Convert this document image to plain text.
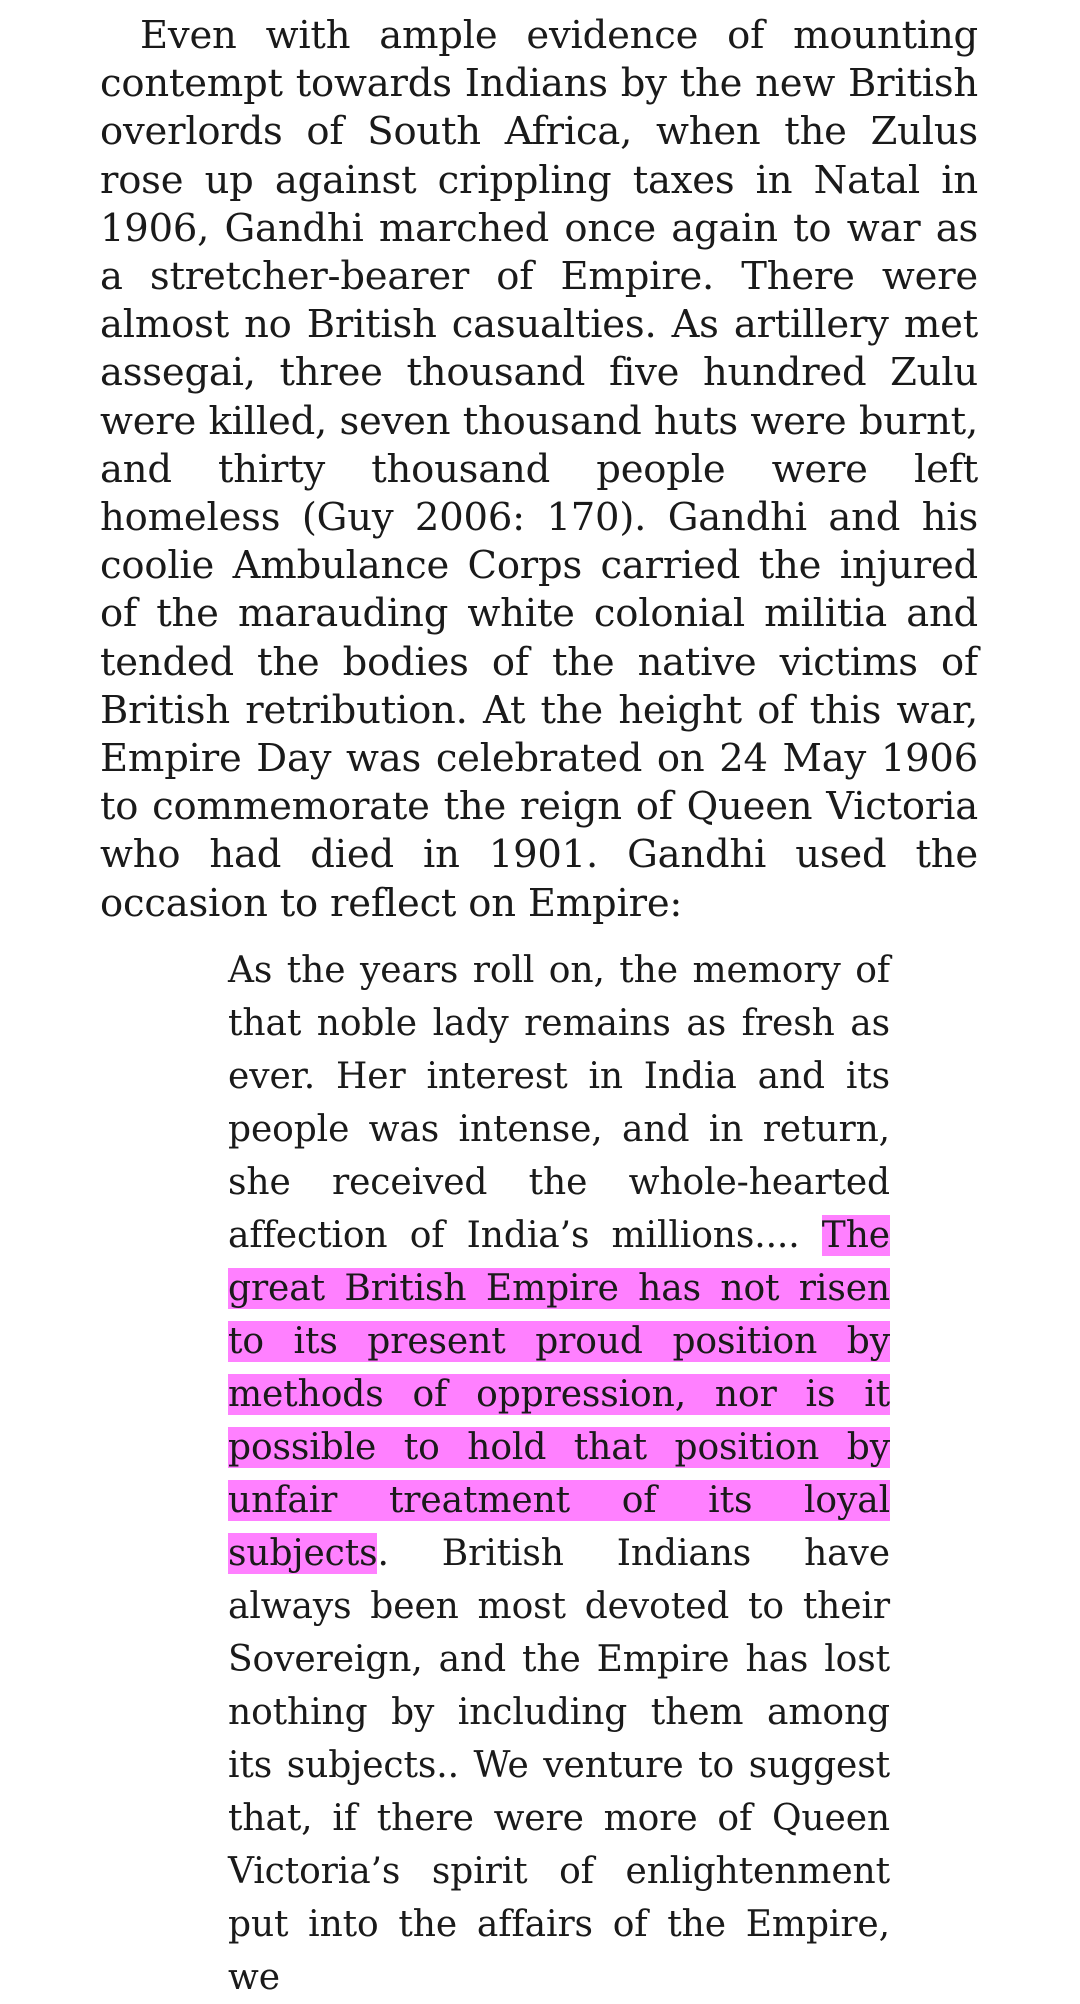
Even with ample evidence of mounting contempt towards Indians by the new British overlords of South Africa, when the Zulus rose up against crippling taxes in Natal in 1906, Gandhi marched once again to war as a stretcher-bearer of Empire. There were almost no British casualties. As artillery met assegai, three thousand five hundred Zulu were killed, seven thousand huts were burnt, and thirty thousand people were left homeless (Guy 2006: 170). Gandhi and his coolie Ambulance Corps carried the injured of the marauding white colonial militia and tended the bodies of the native victims of British retribution. At the height of this war, Empire Day was celebrated on 24 May 1906 to commemorate the reign of Queen Victoria who had died in 1901. Gandhi used the occasion to reflect on Empire:

As the years roll on, the memory of that noble lady remains as fresh as ever. Her interest in India and its people was intense, and in return, she received the whole-hearted affection of India’s millions.... The great British Empire has not risen to its present proud position by methods of oppression, nor is it possible to hold that position by unfair treatment of its loyal subjects. British Indians have always been most devoted to their Sovereign, and the Empire has lost nothing by including them among its subjects.. We venture to suggest that, if there were more of Queen Victoria’s spirit of enlightenment put into the affairs of the Empire, we
